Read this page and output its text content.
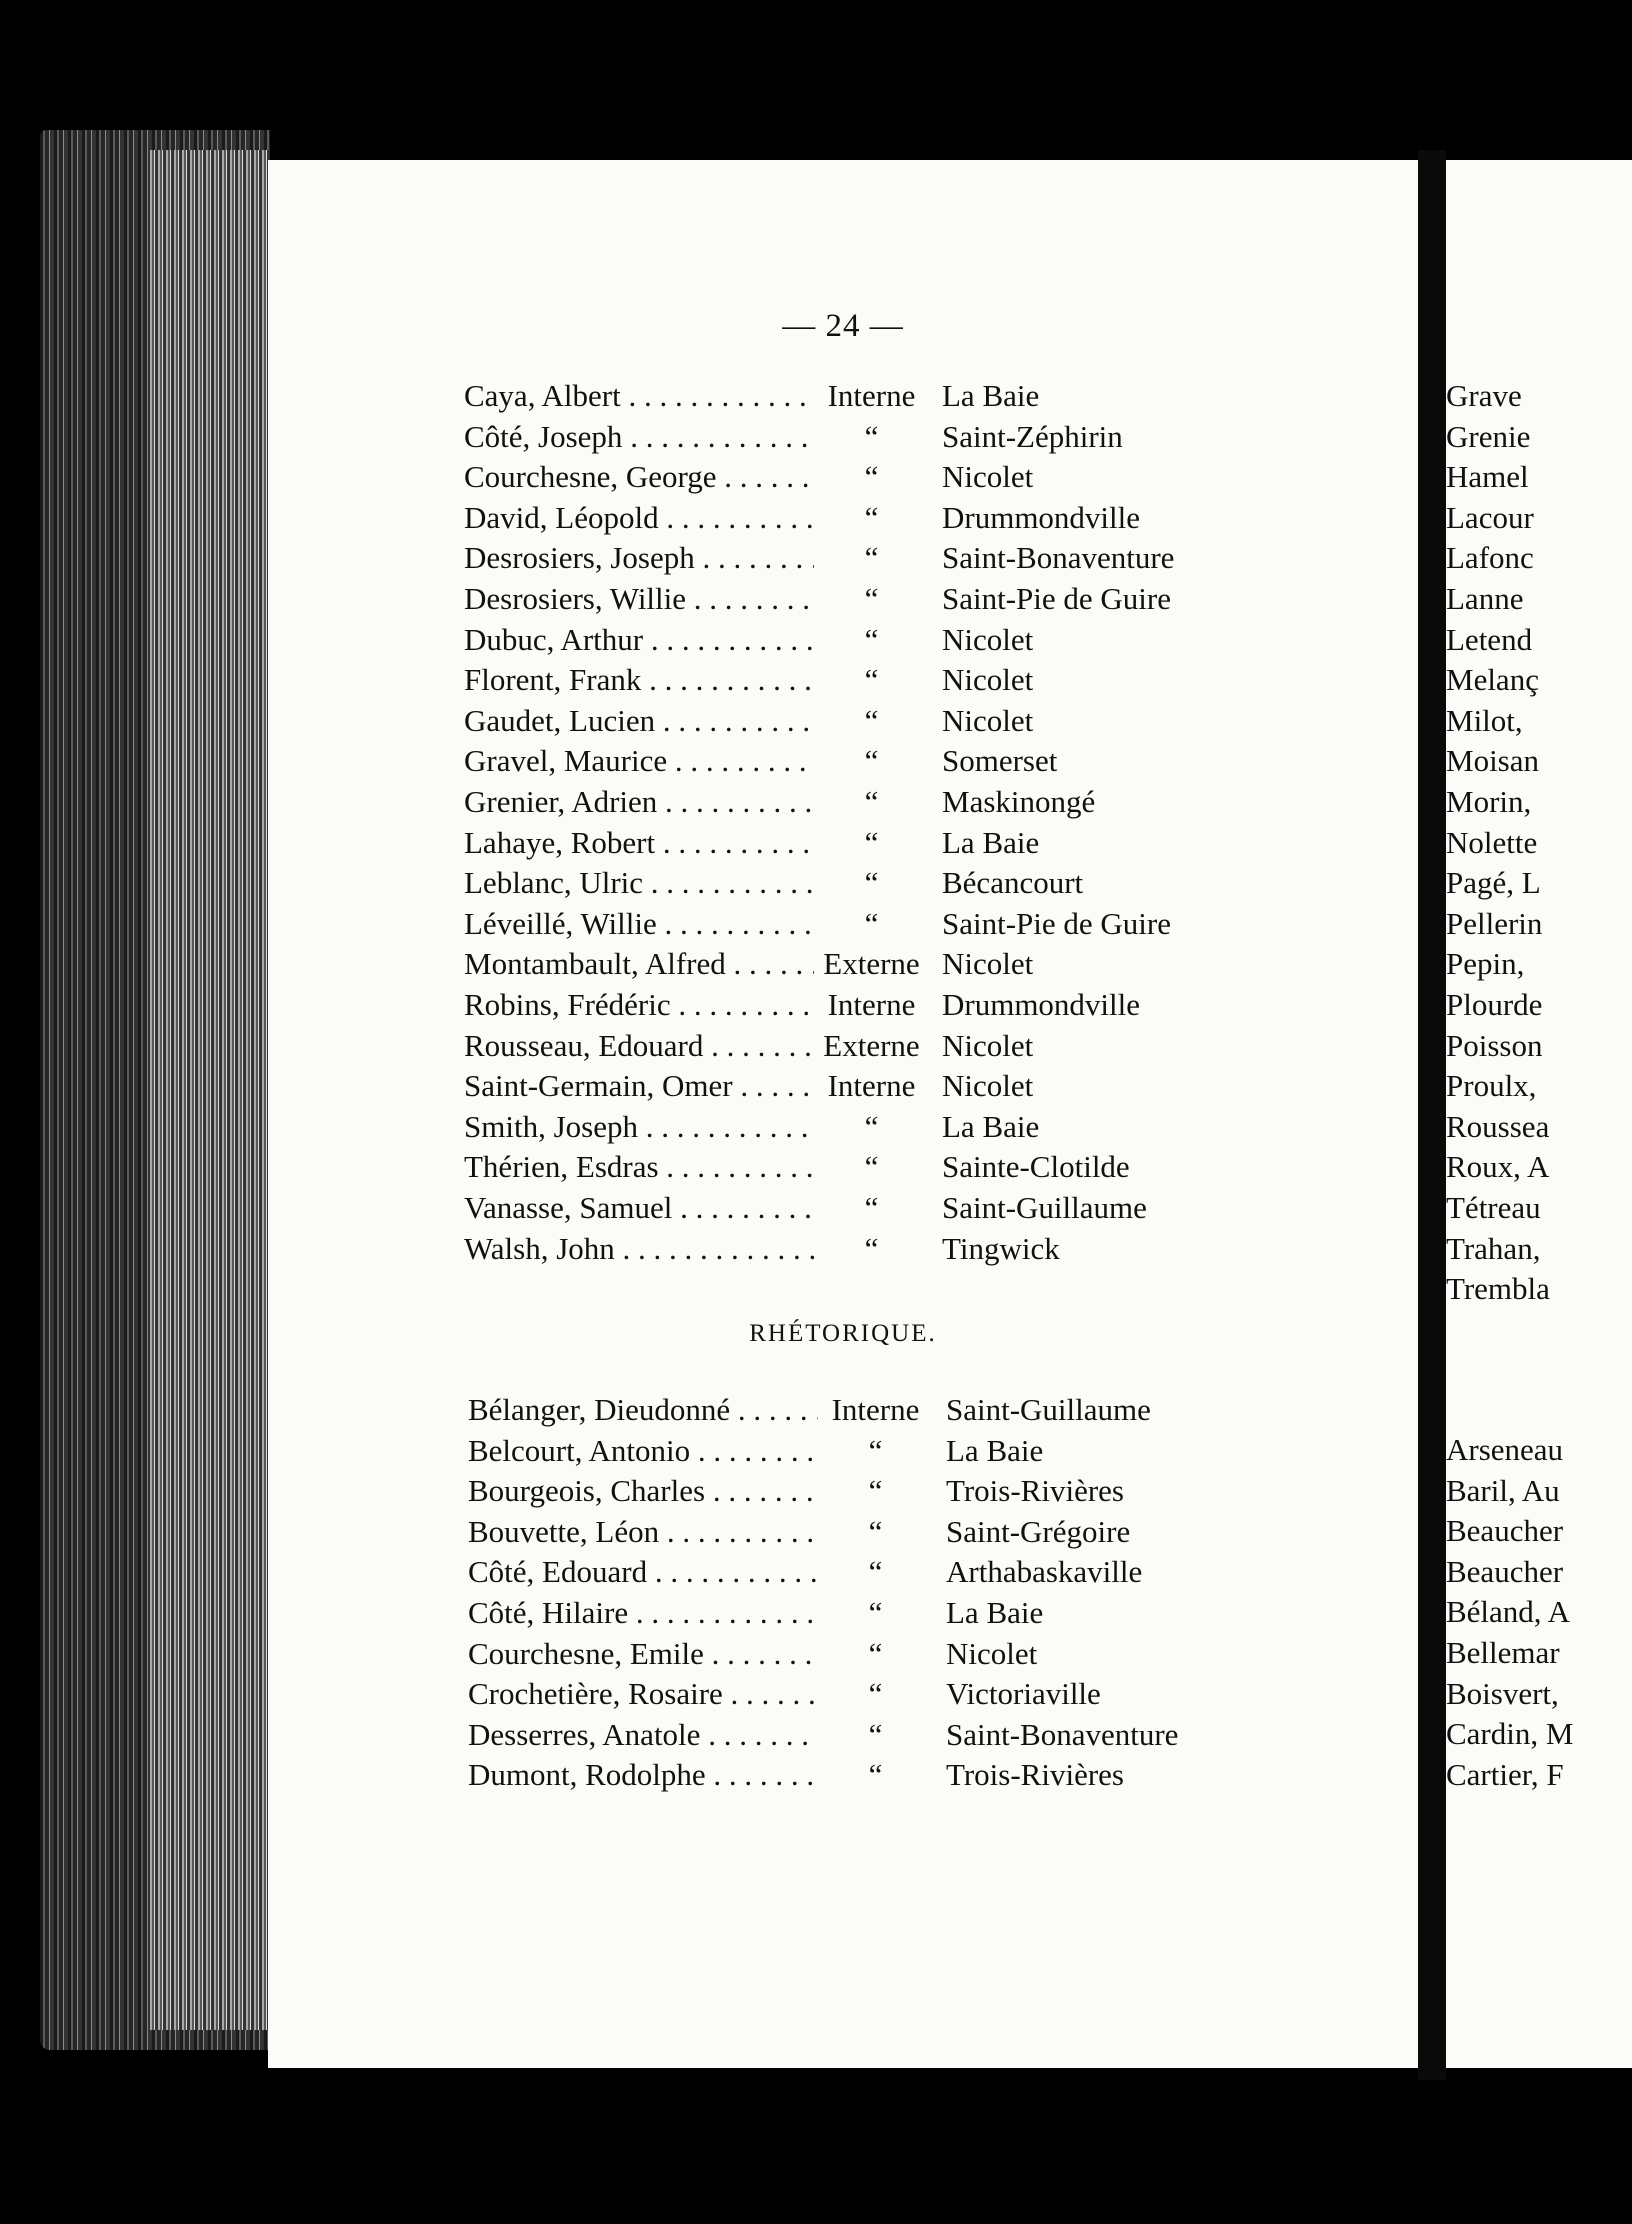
— 24 —
Caya, Albert . . .	Interne La Baie
Côté, Joseph . . .	“	Saint-Zéphirin
Courchesne, George . . .	“	Nicolet
David, Léopold . . .	“	Drummondville
Desrosiers, Joseph . . .	“	Saint-Bonaventure
Desrosiers, Willie . . .	“	Saint-Pie de Guire
Dubuc, Arthur . . .	“	Nicolet
Florent, Frank . . .	“	Nicolet
Gaudet, Lucien . . .	“	Nicolet
Gravel, Maurice . . .	“	Somerset
Grenier, Adrien . . .	“	Maskinongé
Lahaye, Robert . . .	“	La Baie
Leblanc, Ulric . . .	“	Bécancourt
Léveillé, Willie . . .	“	Saint-Pie de Guire
Montambault, Alfred . . .	Externe Nicolet
Robins, Frédéric . . .	Interne Drummondville
Rousseau, Edouard . . .	Externe Nicolet
Saint-Germain, Omer . . .	Interne Nicolet
Smith, Joseph . . .	“	La Baie
Thérien, Esdras . . .	“	Sainte-Clotilde
Vanasse, Samuel . . .	“	Saint-Guillaume
Walsh, John . . .	“	Tingwick
RHÉTORIQUE.
Bélanger, Dieudonné . . .	Interne Saint-Guillaume
Belcourt, Antonio . . .	“	La Baie
Bourgeois, Charles . . .	“	Trois-Rivières
Bouvette, Léon . . .	“	Saint-Grégoire
Côté, Edouard . . .	“	Arthabaskaville
Côté, Hilaire . . .	“	La Baie
Courchesne, Emile . . .	“	Nicolet
Crochetière, Rosaire . . .	“	Victoriaville
Desserres, Anatole . . .	“	Saint-Bonaventure
Dumont, Rodolphe . . .	“	Trois-Rivières
Grave
Grenie
Hamel
Lacour
Lafonc
Lanne
Letend
Melanç
Milot,
Moisan
Morin,
Nolette
Pagé, L
Pellerin
Pepin,
Plourde
Poisson
Proulx,
Roussea
Roux, A
Tétreau
Trahan,
Trembla
Arseneau
Baril, Au
Beaucher
Beaucher
Béland, A
Bellemar
Boisvert,
Cardin, M
Cartier, F
